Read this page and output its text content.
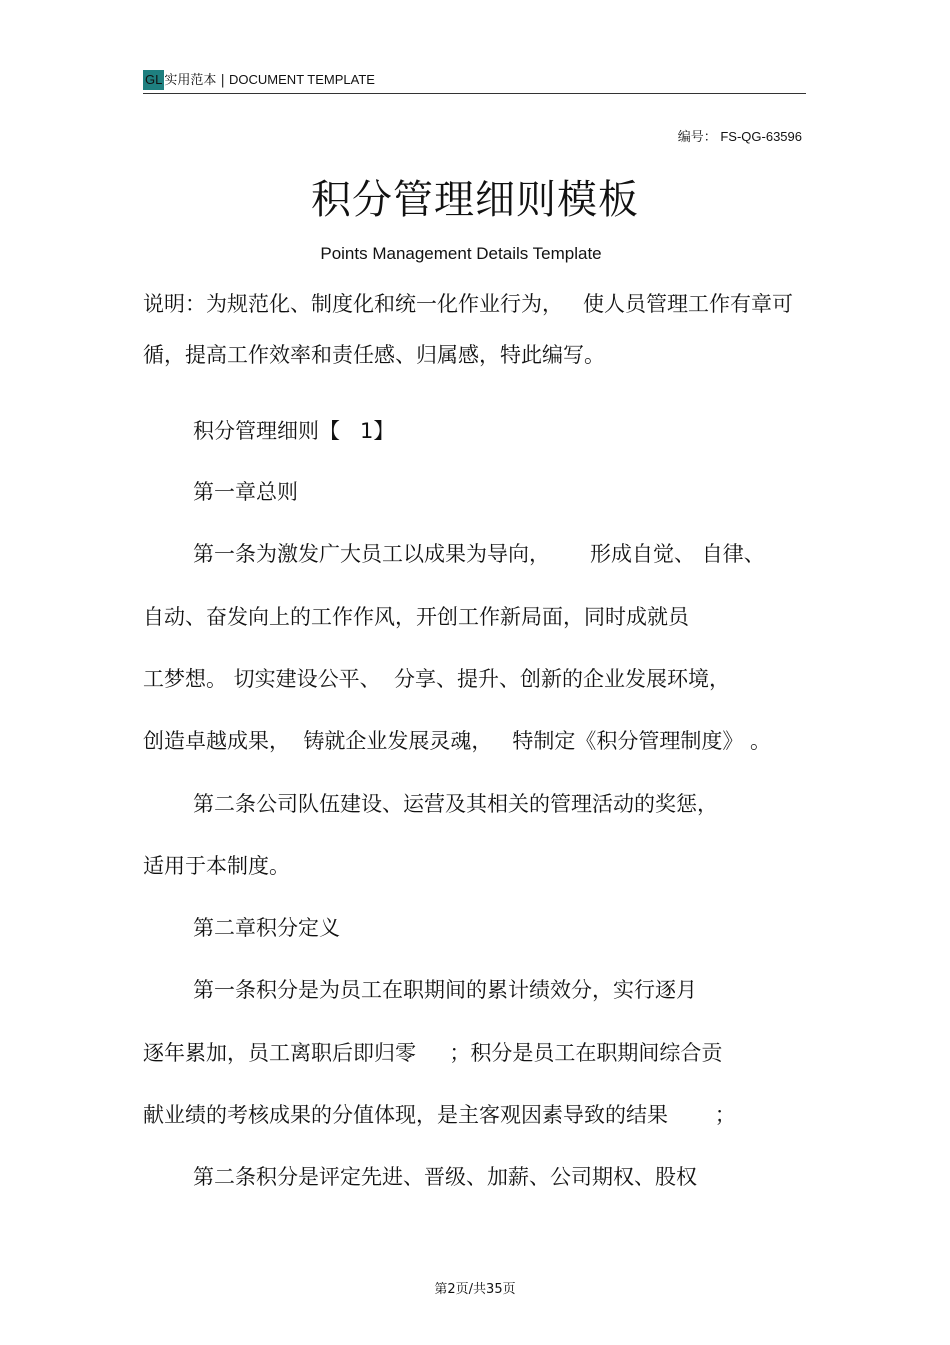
GL 实用范本 | DOCUMENT TEMPLATE
编号： FS-QG-63596
积分管理细则模板
Points Management Details Template
说明：为规范化、制度化和统一化作业行为，   使人员管理工作有章可
循，提高工作效率和责任感、归属感，特此编写。
积分管理细则【   1】
第一章总则
第一条为激发广大员工以成果为导向，      形成自觉、 自律、
自动、奋发向上的工作作风，开创工作新局面，同时成就员
工梦想。 切实建设公平、  分享、提升、创新的企业发展环境，
创造卓越成果，  铸就企业发展灵魂，   特制定《积分管理制度》 。
第二条公司队伍建设、运营及其相关的管理活动的奖惩，
适用于本制度。
第二章积分定义
第一条积分是为员工在职期间的累计绩效分，实行逐月
逐年累加，员工离职后即归零     ；积分是员工在职期间综合贡
献业绩的考核成果的分值体现，是主客观因素导致的结果       ；
第二条积分是评定先进、晋级、加薪、公司期权、股权
第2页/共35页
